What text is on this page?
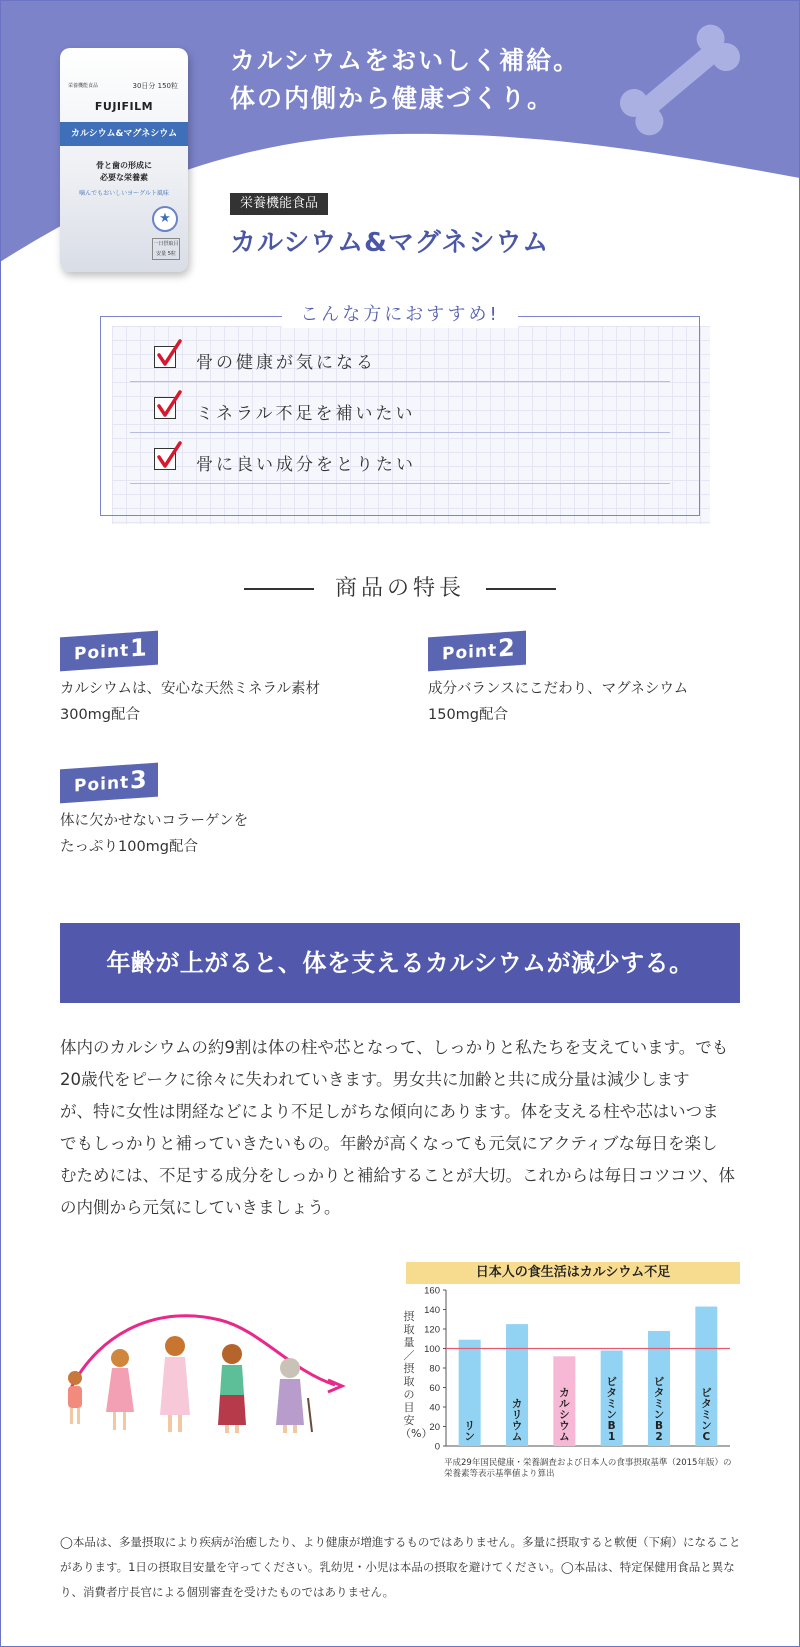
カルシウムをおいしく補給。
体の内側から健康づくり。
栄養機能食品	30日分 150粒
FUJIFILM
カルシウム&マグネシウム
骨と歯の形成に
必要な栄養素
噛んでもおいしいヨーグルト風味
★
一日摂取目安量 5粒
栄養機能食品
カルシウム&マグネシウム
こんな方におすすめ!
骨の健康が気になる
ミネラル不足を補いたい
骨に良い成分をとりたい
商品の特長
Point 1
カルシウムは、安心な天然ミネラル素材
300mg配合
Point 2
成分バランスにこだわり、マグネシウム
150mg配合
Point 3
体に欠かせないコラーゲンを
たっぷり100mg配合
年齢が上がると、体を支えるカルシウムが減少する。

体内のカルシウムの約9割は体の柱や芯となって、しっかりと私たちを支えています。でも

20歳代をピークに徐々に失われていきます。男女共に加齢と共に成分量は減少します

が、特に女性は閉経などにより不足しがちな傾向にあります。体を支える柱や芯はいつま

でもしっかりと補っていきたいもの。年齢が高くなっても元気にアクティブな毎日を楽し

むためには、不足する成分をしっかりと補給することが大切。これからは毎日コツコツ、体

の内側から元気にしていきましょう。

日本人の食生活はカルシウム不足
摂取量／摂取の目安（%）
0
20
40
60
80
100
120
140
160
リン
カリウム
カルシウム
ビタミン B 1
ビタミン B 2
ビタミン C
平成29年国民健康・栄養調査および日本人の食事摂取基準（2015年版）の
栄養素等表示基準値より算出

◯本品は、多量摂取により疾病が治癒したり、より健康が増進するものではありません。多量に摂取すると軟便（下痢）になること

があります。1日の摂取目安量を守ってください。乳幼児・小児は本品の摂取を避けてください。◯本品は、特定保健用食品と異な

り、消費者庁長官による個別審査を受けたものではありません。
